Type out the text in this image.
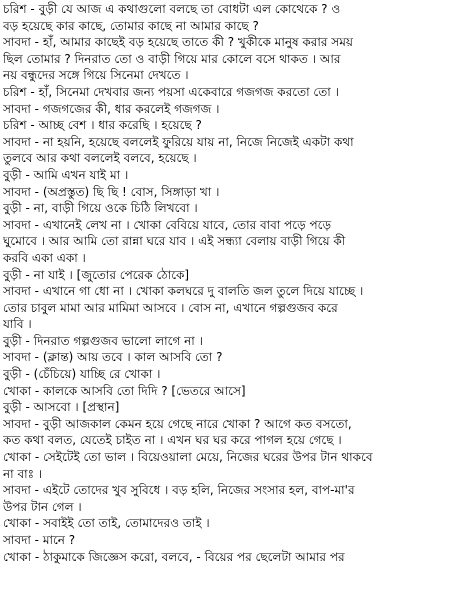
চরিশ - বুড়ী যে আজ এ কথাগুলো বলছে তা বোধটা এল কোথেকে ? ও
বড় হয়েছে কার কাছে, তোমার কাছে না আমার কাছে ?
সাবদা - হাঁ, আমার কাছেই বড় হয়েছে তাতে কী ? খুকীকে মানুষ করার সময়
ছিল তোমার ? দিনরাত তো ও বাড়ী গিয়ে মার কোলে বসে থাকত । আর
নয় বন্ধুদের সঙ্গে গিয়ে সিনেমা দেখতে ।
চরিশ - হাঁ, সিনেমা দেখবার জন্য পয়সা একেবারে গজগজ করতো তো ।
সাবদা - গজগজের কী, ধার করলেই গজগজ ।
চরিশ - আচ্ছ বেশ । ধার করেছি । হয়েছে ?
সাবদা - না হয়নি, হয়েছে বললেই ফুরিয়ে যায় না, নিজে নিজেই একটা কথা
তুলবে আর কথা বললেই বলবে, হয়েছে ।
বুড়ী - আমি এখন যাই মা ।
সাবদা - (অপ্রস্তুত) ছি ছি ! বোস, সিঙ্গাড়া খা ।
বুড়ী - না, বাড়ী গিয়ে ওকে চিঠি লিখবো ।
সাবদা - এখানেই লেখ না । খোকা বেবিয়ে যাবে, তোর বাবা পড়ে পড়ে
ঘুমোবে । আর আমি তো রান্না ঘরে যাব । এই সন্ধ্যা বেলায় বাড়ী গিয়ে কী
করবি একা একা ।
বুড়ী - না যাই । [জুতোর পেরেক ঠোকে]
সাবদা - এখানে গা ধো না । খোকা কলঘরে দু বালতি জল তুলে দিয়ে যাচ্ছে ।
তোর চাবুল মামা আর মামিমা আসবে । বোস না, এখানে গল্পগুজব করে
যাবি ।
বুড়ী - দিনরাত গল্পগুজব ভালো লাগে না ।
সাবদা - (ক্লান্ত) আয় তবে । কাল আসবি তো ?
বুড়ী - (চেঁচিয়ে) যাচ্ছি রে খোকা ।
খোকা - কালকে আসবি তো দিদি ? [ভেতরে আসে]
বুড়ী - আসবো । [প্রস্থান]
সাবদা - বুড়ী আজকাল কেমন হয়ে গেছে নারে খোকা ? আগে কত বসতো,
কত কথা বলত, যেতেই চাইত না । এখন ঘর ঘর করে পাগল হয়ে গেছে ।
খোকা - সেইটেই তো ভাল । বিয়েওয়ালা মেয়ে, নিজের ঘরের উপর টান থাকবে
না বাঃ ।
সাবদা - এইটে তোদের খুব সুবিধে । বড় হলি, নিজের সংসার হল, বাপ-মা'র
উপর টান গেল ।
খোকা - সবাইই তো তাই, তোমাদেরও তাই ।
সাবদা - মানে ?
খোকা - ঠাকুমাকে জিজ্ঞেস করো, বলবে, - বিয়ের পর ছেলেটা আমার পর
